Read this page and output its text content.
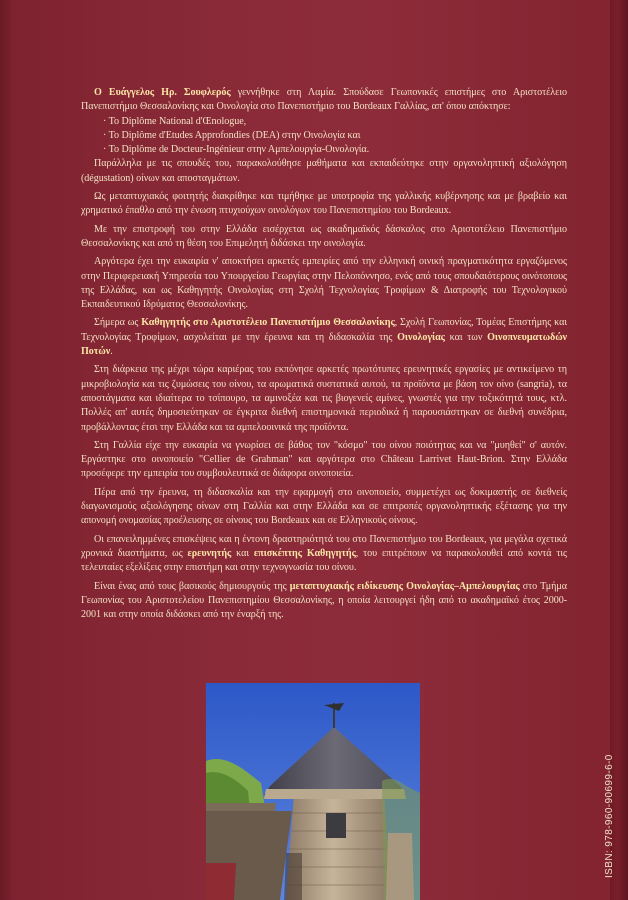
Ο Ευάγγελος Ηρ. Σουφλερός γεννήθηκε στη Λαμία. Σπούδασε Γεωπονικές επιστήμες στο Αριστοτέλειο Πανεπιστήμιο Θεσσαλονίκης και Οινολογία στο Πανεπιστήμιο του Bordeaux Γαλλίας, απ' όπου απόκτησε:

· Το Diplôme National d'Œnologue,

· Το Diplôme d'Etudes Approfondies (DEA) στην Οινολογία και

· Το Diplôme de Docteur-Ingénieur στην Αμπελουργία-Οινολογία.

Παράλληλα με τις σπουδές του, παρακολούθησε μαθήματα και εκπαιδεύτηκε στην οργανοληπτική αξιολόγηση (dégustation) οίνων και αποσταγμάτων.

Ως μεταπτυχιακός φοιτητής διακρίθηκε και τιμήθηκε με υποτροφία της γαλλικής κυβέρνησης και με βραβείο και χρηματικό έπαθλο από την ένωση πτυχιούχων οινολόγων του Πανεπιστημίου του Bordeaux.

Με την επιστροφή του στην Ελλάδα εισέρχεται ως ακαδημαϊκός δάσκαλος στο Αριστοτέλειο Πανεπιστήμιο Θεσσαλονίκης και από τη θέση του Επιμελητή διδάσκει την οινολογία.

Αργότερα έχει την ευκαιρία ν' αποκτήσει αρκετές εμπειρίες από την ελληνική οινική πραγματικότητα εργαζόμενος στην Περιφερειακή Υπηρεσία του Υπουργείου Γεωργίας στην Πελοπόννησο, ενός από τους σπουδαιότερους οινότοπους της Ελλάδας, και ως Καθηγητής Οινολογίας στη Σχολή Τεχνολογίας Τροφίμων & Διατροφής του Τεχνολογικού Εκπαιδευτικού Ιδρύματος Θεσσαλονίκης.

Σήμερα ως Καθηγητής στο Αριστοτέλειο Πανεπιστήμιο Θεσσαλονίκης, Σχολή Γεωπονίας, Τομέας Επιστήμης και Τεχνολογίας Τροφίμων, ασχολείται με την έρευνα και τη διδασκαλία της Οινολογίας και των Οινοπνευματωδών Ποτών.

Στη διάρκεια της μέχρι τώρα καριέρας του εκπόνησε αρκετές πρωτότυπες ερευνητικές εργασίες με αντικείμενο τη μικροβιολογία και τις ζυμώσεις του οίνου, τα αρωματικά συστατικά αυτού, τα προϊόντα με βάση τον οίνο (sangria), τα αποστάγματα και ιδιαίτερα το τσίπουρο, τα αμινοξέα και τις βιογενείς αμίνες, γνωστές για την τοξικότητά τους, κτλ. Πολλές απ' αυτές δημοσιεύτηκαν σε έγκριτα διεθνή επιστημονικά περιοδικά ή παρουσιάστηκαν σε διεθνή συνέδρια, προβάλλοντας έτσι την Ελλάδα και τα αμπελοοινικά της προϊόντα.

Στη Γαλλία είχε την ευκαιρία να γνωρίσει σε βάθος τον "κόσμο" του οίνου ποιότητας και να "μυηθεί" σ' αυτόν. Εργάστηκε στο οινοποιείο "Cellier de Grahman" και αργότερα στο Château Larrivet Haut-Brion. Στην Ελλάδα προσέφερε την εμπειρία του συμβουλευτικά σε διάφορα οινοποιεία.

Πέρα από την έρευνα, τη διδασκαλία και την εφαρμογή στο οινοποιείο, συμμετέχει ως δοκιμαστής σε διεθνείς διαγωνισμούς αξιολόγησης οίνων στη Γαλλία και στην Ελλάδα και σε επιτροπές οργανοληπτικής εξέτασης για την απονομή ονομασίας προέλευσης σε οίνους του Bordeaux και σε Ελληνικούς οίνους.

Οι επανειλημμένες επισκέψεις και η έντονη δραστηριότητά του στο Πανεπιστήμιο του Bordeaux, για μεγάλα σχετικά χρονικά διαστήματα, ως ερευνητής και επισκέπτης Καθηγητής, του επιτρέπουν να παρακολουθεί από κοντά τις τελευταίες εξελίξεις στην επιστήμη και στην τεχνογνωσία του οίνου.

Είναι ένας από τους βασικούς δημιουργούς της μεταπτυχιακής ειδίκευσης Οινολογίας–Αμπελουργίας στο Τμήμα Γεωπονίας του Αριστοτελείου Πανεπιστημίου Θεσσαλονίκης, η οποία λειτουργεί ήδη από το ακαδημαϊκό έτος 2000-2001 και στην οποία διδάσκει από την έναρξή της.

ISBN: 978-960-90699-6-0
